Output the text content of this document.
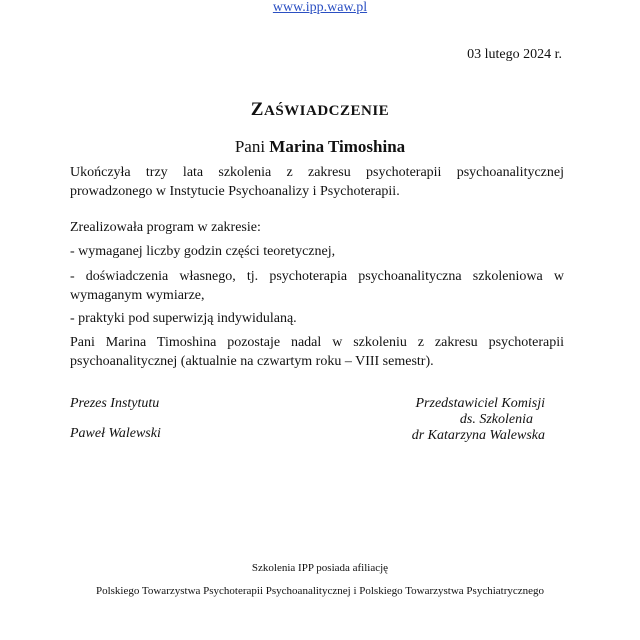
www.ipp.waw.pl
03 lutego 2024 r.
ZAŚWIADCZENIE
Pani Marina Timoshina
Ukończyła trzy lata szkolenia z zakresu psychoterapii psychoanalitycznej prowadzonego w Instytucie Psychoanalizy i Psychoterapii.
Zrealizowała program w zakresie:
- wymaganej liczby godzin części teoretycznej,
- doświadczenia własnego, tj. psychoterapia psychoanalityczna szkoleniowa w wymaganym wymiarze,
- praktyki pod superwizją indywidulaną.
Pani Marina Timoshina pozostaje nadal w szkoleniu z zakresu psychoterapii psychoanalitycznej (aktualnie na czwartym roku – VIII semestr).
Prezes Instytutu
Paweł Walewski
Przedstawiciel Komisji
ds. Szkolenia
dr Katarzyna Walewska
Szkolenia IPP posiada afiliację
Polskiego Towarzystwa Psychoterapii Psychoanalitycznej i Polskiego Towarzystwa Psychiatrycznego
